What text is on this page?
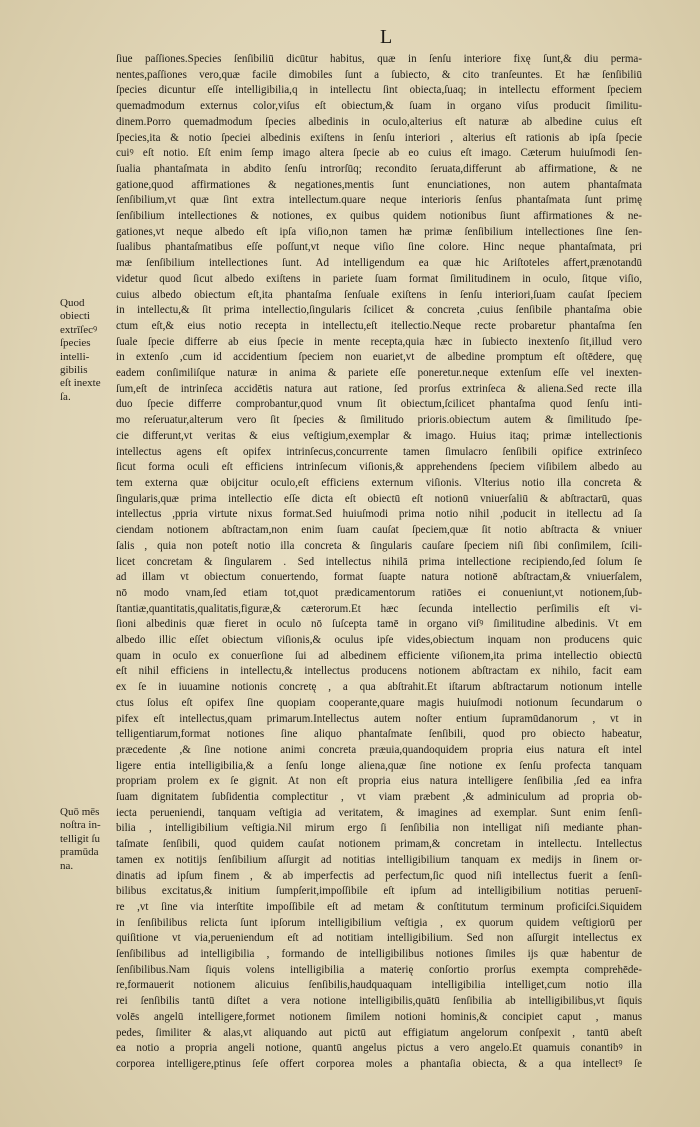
L
Quod
obiecti
extrīſecꝰ
ſpecies
intelli-
gibilis
eſt inexte
ſa.
Quō mēs
noſtra in-
telligit ſu
pramūda
na.
ſiue paſſiones.Species ſenſibiliū dicūtur habitus, quæ in ſenſu interiore fixę ſunt,& diu perma-
nentes,paſſiones vero,quæ facile dimobiles ſunt a ſubiecto, & cito tranſeuntes. Et hæ ſenſibiliū
ſpecies dicuntur eſſe intelligibilia,q in intellectu ſint obiecta,ſuaq; in intellectu efforment ſpeciem
quemadmodum externus color,viſus eſt obiectum,& ſuam in organo viſus producit ſimilitu-
dinem.Porro quemadmodum ſpecies albedinis in oculo,alterius eſt naturæ ab albedine cuius eſt
ſpecies,ita & notio ſpeciei albedinis exiſtens in ſenſu interiori , alterius eſt rationis ab ipſa ſpecie
cuiꝰ eſt notio. Eſt enim ſemp imago altera ſpecie ab eo cuius eſt imago. Cæterum huiuſmodi ſen-
ſualia phantaſmata in abdito ſenſu introrſūq; recondito ſeruata,differunt ab affirmatione, & ne
gatione,quod affirmationes & negationes,mentis ſunt enunciationes, non autem phantaſmata
ſenſibilium,vt quæ ſint extra intellectum.quare neque interioris ſenſus phantaſmata ſunt primę
ſenſibilium intellectiones & notiones, ex quibus quidem notionibus ſiunt affirmationes & ne-
gationes,vt neque albedo eſt ipſa viſio,non tamen hæ primæ ſenſibilium intellectiones ſine ſen-
ſualibus phantaſmatibus eſſe poſſunt,vt neque viſio ſine colore. Hinc neque phantaſmata, pri
mæ ſenſibilium intellectiones ſunt. Ad intelligendum ea quæ hic Ariſtoteles affert,prænotandū
videtur quod ſicut albedo exiſtens in pariete ſuam format ſimilitudinem in oculo, ſitque viſio,
cuius albedo obiectum eſt,ita phantaſma ſenſuale exiſtens in ſenſu interiori,ſuam cauſat ſpeciem
in intellectu,& ſit prima intellectio,ſingularis ſcilicet & concreta ,cuius ſenſibile phantaſma obie
ctum eſt,& eius notio recepta in intellectu,eſt itellectio.Neque recte probaretur phantaſma ſen
ſuale ſpecie differre ab eius ſpecie in mente recepta,quia hæc in ſubiecto inextenſo ſit,illud vero
in extenſo ,cum id accidentium ſpeciem non euariet,vt de albedine promptum eſt oſtēdere, quę
eadem conſimiliſque naturæ in anima & pariete eſſe poneretur.neque extenſum eſſe vel inexten-
ſum,eſt de intrinſeca accidētis natura aut ratione, ſed prorſus extrinſeca & aliena.Sed recte illa
duo ſpecie differre comprobantur,quod vnum ſit obiectum,ſcilicet phantaſma quod ſenſu inti-
mo reſeruatur,alterum vero ſit ſpecies & ſimilitudo prioris.obiectum autem & ſimilitudo ſpe-
cie differunt,vt veritas & eius veſtigium,exemplar & imago. Huius itaq; primæ intellectionis
intellectus agens eſt opifex intrinſecus,concurrente tamen ſimulacro ſenſibili opifice extrinſeco
ſicut forma oculi eſt efficiens intrinſecum viſionis,& apprehendens ſpeciem viſibilem albedo au
tem externa quæ obijcitur oculo,eſt efficiens externum viſionis. Vlterius notio illa concreta &
ſingularis,quæ prima intellectio eſſe dicta eſt obiectū eſt notionū vniuerſaliū & abſtractarū, quas
intellectus ,ppria virtute nixus format.Sed huiuſmodi prima notio nihil ,poducit in itellectu ad ſa
ciendam notionem abſtractam,non enim ſuam cauſat ſpeciem,quæ ſit notio abſtracta & vniuer
ſalis , quia non poteſt notio illa concreta & ſingularis cauſare ſpeciem niſi ſibi conſimilem, ſcili-
licet concretam & ſingularem . Sed intellectus nihilā prima intellectione recipiendo,ſed ſolum ſe
ad illam vt obiectum conuertendo, format ſuapte natura notionē abſtractam,& vniuerſalem,
nō modo vnam,ſed etiam tot,quot prædicamentorum ratiōes ei conueniunt,vt notionem,ſub-
ſtantiæ,quantitatis,qualitatis,figuræ,& cæterorum.Et hæc ſecunda intellectio perſimilis eſt vi-
ſioni albedinis quæ fieret in oculo nō ſuſcepta tamē in organo viſꝰ ſimilitudine albedinis. Vt em
albedo illic eſſet obiectum viſionis,& oculus ipſe vides,obiectum inquam non producens quic
quam in oculo ex conuerſione ſui ad albedinem efficiente viſionem,ita prima intellectio obiectū
eſt nihil efficiens in intellectu,& intellectus producens notionem abſtractam ex nihilo, facit eam
ex ſe in iuuamine notionis concretę , a qua abſtrahit.Et iſtarum abſtractarum notionum intelle
ctus ſolus eſt opifex ſine quopiam cooperante,quare magis huiuſmodi notionum ſecundarum o
pifex eſt intellectus,quam primarum.Intellectus autem noſter entium ſupramūdanorum , vt in
telligentiarum,format notiones ſine aliquo phantaſmate ſenſibili, quod pro obiecto habeatur,
præcedente ,& ſine notione animi concreta præuia,quandoquidem propria eius natura eſt intel
ligere entia intelligibilia,& a ſenſu longe aliena,quæ ſine notione ex ſenſu profecta tanquam
propriam prolem ex ſe gignit. At non eſt propria eius natura intelligere ſenſibilia ,ſed ea infra
ſuam dignitatem ſubſidentia complectitur , vt viam præbent ,& adminiculum ad propria ob-
iecta perueniendi, tanquam veſtigia ad veritatem, & imagines ad exemplar. Sunt enim ſenſi-
bilia , intelligibilium veſtigia.Nil mirum ergo ſi ſenſibilia non intelligat niſi mediante phan-
taſmate ſenſibili, quod quidem cauſat notionem primam,& concretam in intellectu. Intellectus
tamen ex notitijs ſenſibilium aſſurgit ad notitias intelligibilium tanquam ex medijs in ſinem or-
dinatis ad ipſum finem , & ab imperfectis ad perfectum,ſic quod niſi intellectus fuerit a ſenſi-
bilibus excitatus,& initium ſumpſerit,impoſſibile eſt ipſum ad intelligibilium notitias peruenī-
re ,vt ſine via interſtite impoſſibile eſt ad metam & conſtitutum terminum proficiſci.Siquidem
in ſenſibilibus relicta ſunt ipſorum intelligibilium veſtigia , ex quorum quidem veſtigiorū per
quiſitione vt via,perueniendum eſt ad notitiam intelligibilium. Sed non aſſurgit intellectus ex
ſenſibilibus ad intelligibilia , formando de intelligibilibus notiones ſimiles ijs quæ habentur de
ſenſibilibus.Nam ſiquis volens intelligibilia a materię conſortio prorſus exempta comprehēde-
re,formauerit notionem alicuius ſenſibilis,haudquaquam intelligibilia intelliget,cum notio illa
rei ſenſibilis tantū diſtet a vera notione intelligibilis,quātū ſenſibilia ab intelligibilibus,vt ſiquis
volēs angelū intelligere,formet notionem ſimilem notioni hominis,& concipiet caput , manus
pedes, ſimiliter & alas,vt aliquando aut pictū aut effigiatum angelorum conſpexit , tantū abeſt
ea notio a propria angeli notione, quantū angelus pictus a vero angelo.Et quamuis conantibꝰ in
corporea intelligere,ptinus ſeſe offert corporea moles a phantaſia obiecta, & a qua intellectꝰ ſe
